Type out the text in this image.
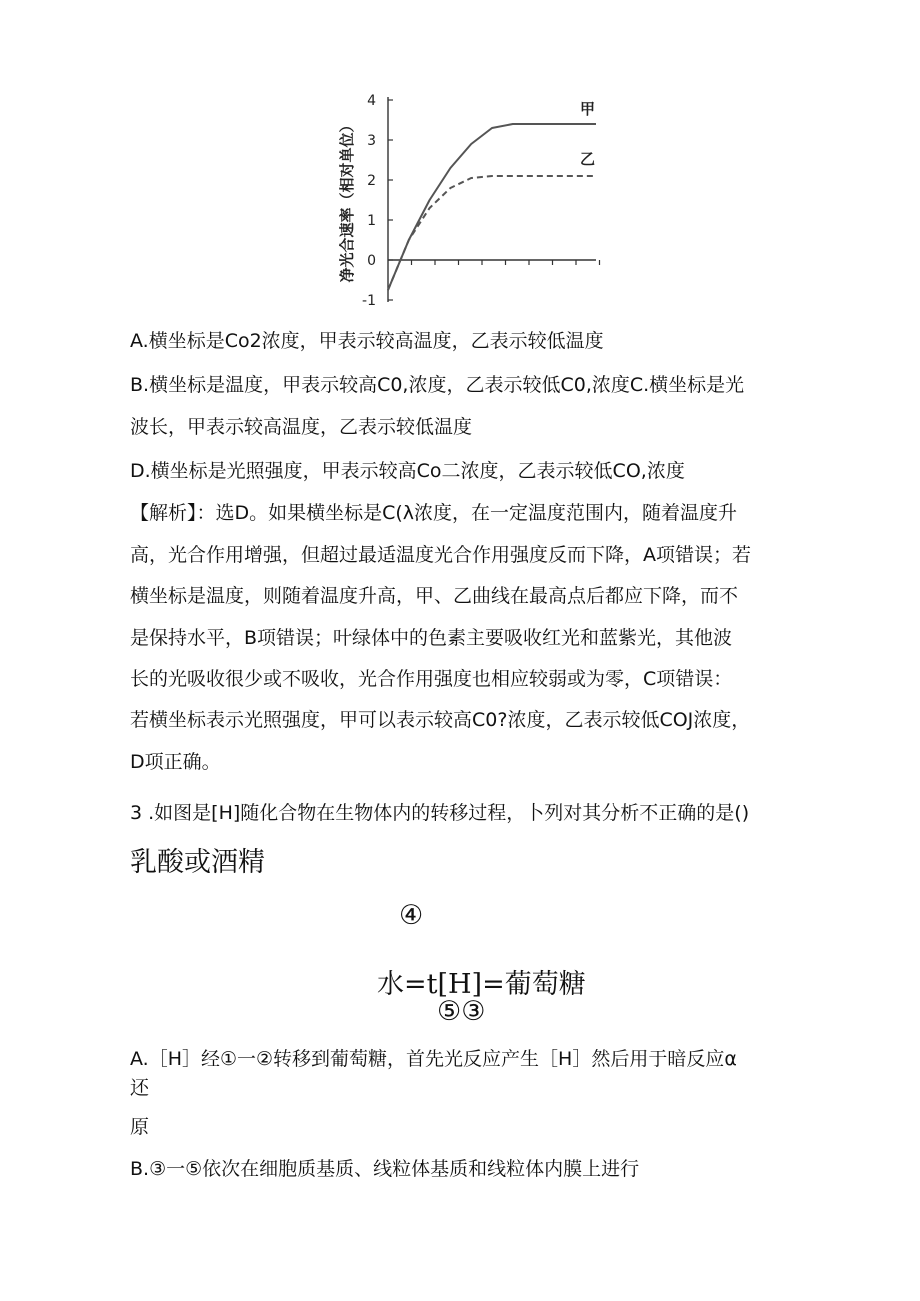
4
3
2
1
0
-1
净光合速率（相对单位）
甲
乙
A.横坐标是Co2浓度，甲表示较高温度，乙表示较低温度
B.横坐标是温度，甲表示较高C0,浓度，乙表示较低C0,浓度C.横坐标是光
波长，甲表示较高温度，乙表示较低温度
D.横坐标是光照强度，甲表示较高Co二浓度，乙表示较低CO,浓度
【解析】：选D。如果横坐标是C(λ浓度，在一定温度范围内，随着温度升
高，光合作用增强，但超过最适温度光合作用强度反而下降，A项错误；若
横坐标是温度，则随着温度升高，甲、乙曲线在最高点后都应下降，而不
是保持水平，B项错误；叶绿体中的色素主要吸收红光和蓝紫光，其他波
长的光吸收很少或不吸收，光合作用强度也相应较弱或为零，C项错误：
若横坐标表示光照强度，甲可以表示较高C0?浓度，乙表示较低COJ浓度，
D项正确。
3 .如图是[H]随化合物在生物体内的转移过程，卜列对其分析不正确的是()
乳酸或酒精
④
水=t[H]=葡萄糖
⑤③
A.［H］经①一②转移到葡萄糖，首先光反应产生［H］然后用于暗反应α
还
原
B.③一⑤依次在细胞质基质、线粒体基质和线粒体内膜上进行
